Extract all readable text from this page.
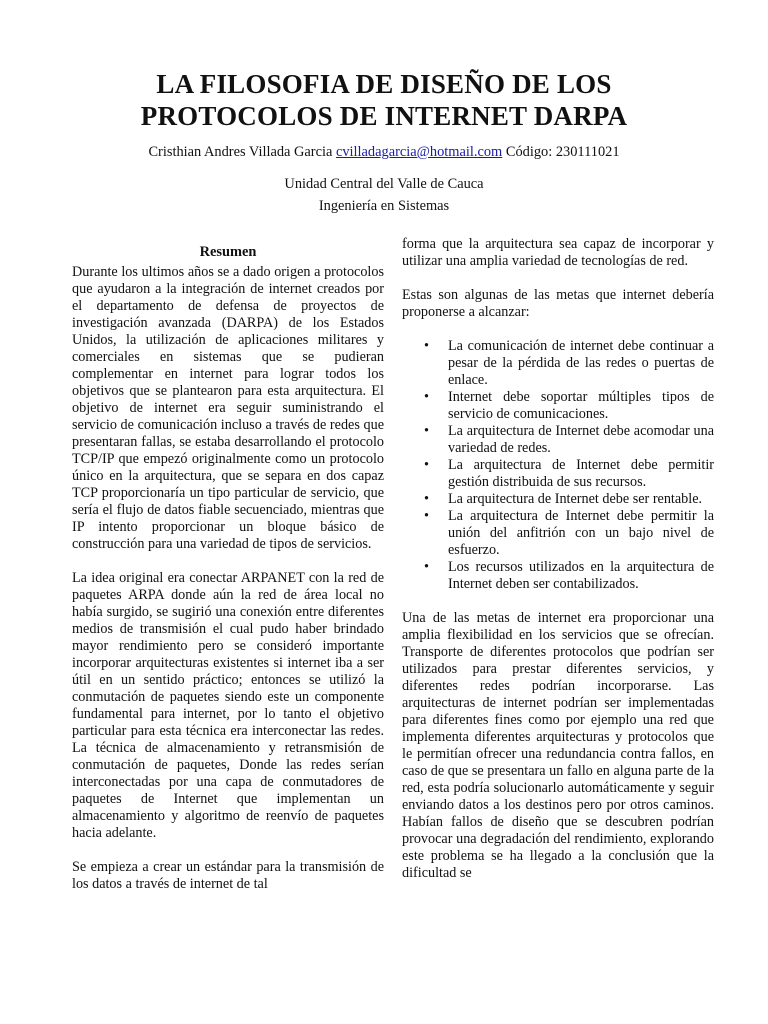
LA FILOSOFIA DE DISEÑO DE LOS
PROTOCOLOS DE INTERNET DARPA
Cristhian Andres Villada Garcia cvilladagarcia@hotmail.com Código: 230111021
Unidad Central del Valle de Cauca
Ingeniería en Sistemas
Resumen

Durante los ultimos años se a dado origen a protocolos que ayudaron a la integración de internet creados por el departamento de defensa de proyectos de investigación avanzada (DARPA) de los Estados Unidos, la utilización de aplicaciones militares y comerciales en sistemas que se pudieran complementar en internet para lograr todos los objetivos que se plantearon para esta arquitectura. El objetivo de internet era seguir suministrando el servicio de comunicación incluso a través de redes que presentaran fallas, se estaba desarrollando el protocolo TCP/IP que empezó originalmente como un protocolo único en la arquitectura, que se separa en dos capaz TCP proporcionaría un tipo particular de servicio, que sería el flujo de datos fiable secuenciado, mientras que IP intento proporcionar un bloque básico de construcción para una variedad de tipos de servicios.

La idea original era conectar ARPANET con la red de paquetes ARPA donde aún la red de área local no había surgido, se sugirió una conexión entre diferentes medios de transmisión el cual pudo haber brindado mayor rendimiento pero se consideró importante incorporar arquitecturas existentes si internet iba a ser útil en un sentido práctico; entonces se utilizó la conmutación de paquetes siendo este un componente fundamental para internet, por lo tanto el objetivo particular para esta técnica era interconectar las redes. La técnica de almacenamiento y retransmisión de conmutación de paquetes, Donde las redes serían interconectadas por una capa de conmutadores de paquetes de Internet que implementan un almacenamiento y algoritmo de reenvío de paquetes hacia adelante.

Se empieza a crear un estándar para la transmisión de los datos a través de internet de tal

forma que la arquitectura sea capaz de incorporar y utilizar una amplia variedad de tecnologías de red.

Estas son algunas de las metas que internet debería proponerse a alcanzar:

• La comunicación de internet debe continuar a pesar de la pérdida de las redes o puertas de enlace.
• Internet debe soportar múltiples tipos de servicio de comunicaciones.
• La arquitectura de Internet debe acomodar una variedad de redes.
• La arquitectura de Internet debe permitir gestión distribuida de sus recursos.
• La arquitectura de Internet debe ser rentable.
• La arquitectura de Internet debe permitir la unión del anfitrión con un bajo nivel de esfuerzo.
• Los recursos utilizados en la arquitectura de Internet deben ser contabilizados.

Una de las metas de internet era proporcionar una amplia flexibilidad en los servicios que se ofrecían. Transporte de diferentes protocolos que podrían ser utilizados para prestar diferentes servicios, y diferentes redes podrían incorporarse. Las arquitecturas de internet podrían ser implementadas para diferentes fines como por ejemplo una red que implementa diferentes arquitecturas y protocolos que le permitían ofrecer una redundancia contra fallos, en caso de que se presentara un fallo en alguna parte de la red, esta podría solucionarlo automáticamente y seguir enviando datos a los destinos pero por otros caminos. Habían fallos de diseño que se descubren podrían provocar una degradación del rendimiento, explorando este problema se ha llegado a la conclusión que la dificultad se
